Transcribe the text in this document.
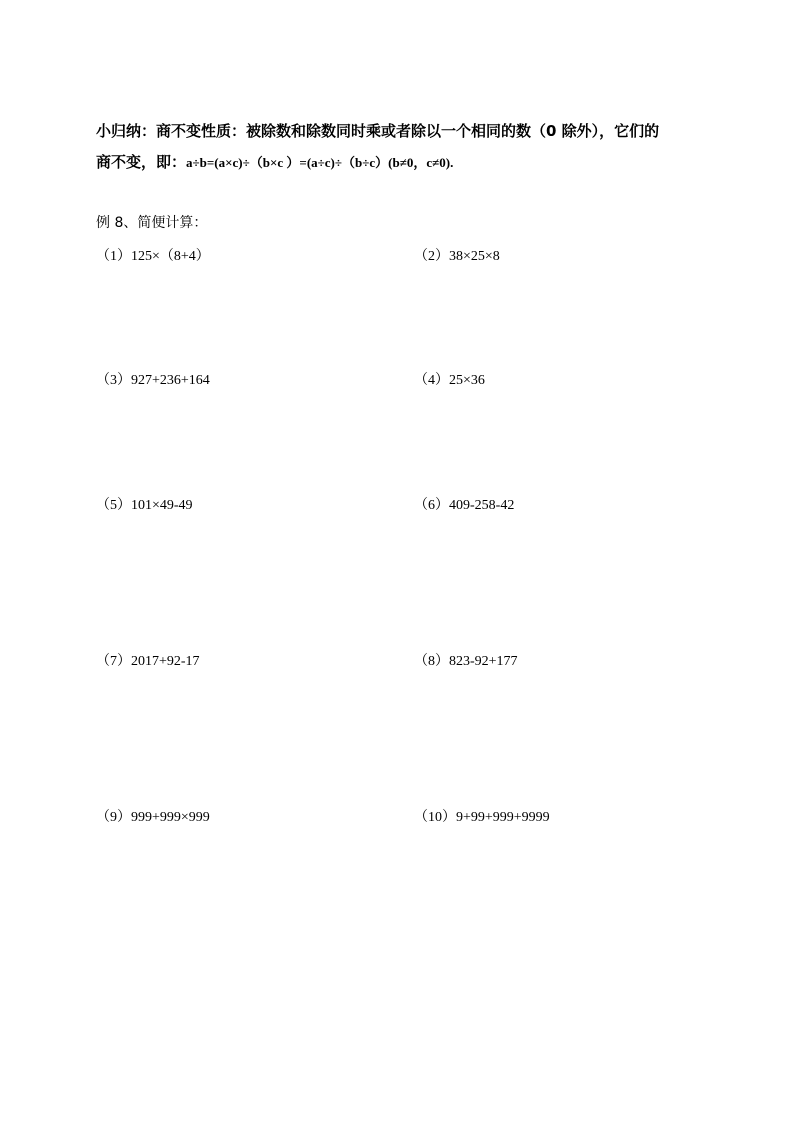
小归纳：商不变性质：被除数和除数同时乘或者除以一个相同的数（0 除外），它们的
商不变，即：a÷b=(a×c)÷（b×c ）=(a÷c)÷（b÷c）(b≠0，c≠0).
例 8、简便计算：
（1）125×（8+4）	（2）38×25×8
（3）927+236+164	（4）25×36
（5）101×49-49	（6）409-258-42
（7）2017+92-17	（8）823-92+177
（9）999+999×999	（10）9+99+999+9999
